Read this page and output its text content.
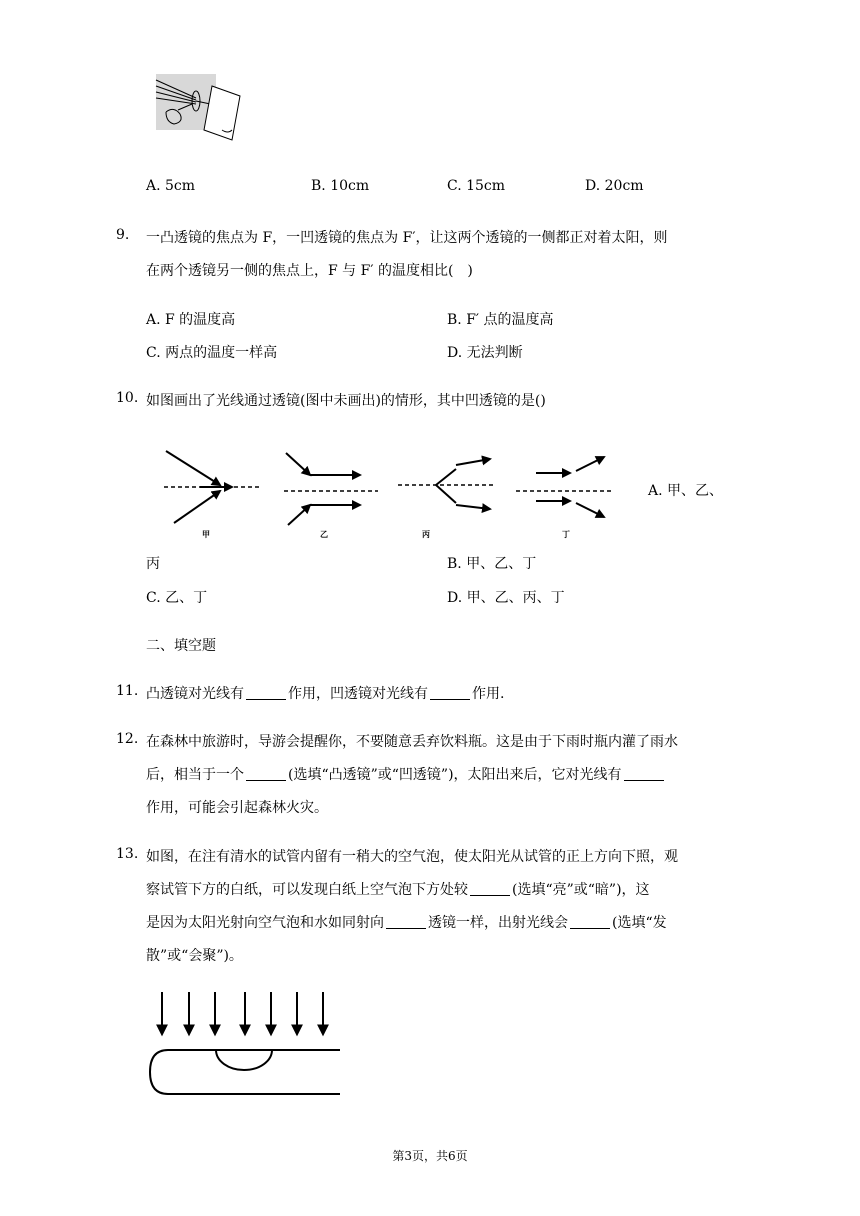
A. 5cm	B. 10cm	C. 15cm	D. 20cm
9. 一凸透镜的焦点为 F，一凹透镜的焦点为 F′，让这两个透镜的一侧都正对着太阳，则
在两个透镜另一侧的焦点上，F 与 F′ 的温度相比(　)
A. F 的温度高	B. F′ 点的温度高
C. 两点的温度一样高	D. 无法判断
10. 如图画出了光线通过透镜(图中未画出)的情形，其中凹透镜的是()
甲	乙	丙	丁
A. 甲、乙、
丙	B. 甲、乙、丁
C. 乙、丁	D. 甲、乙、丙、丁
二、填空题
11. 凸透镜对光线有	作用，凹透镜对光线有	作用.
12. 在森林中旅游时，导游会提醒你，不要随意丢弃饮料瓶。这是由于下雨时瓶内灌了雨水
后，相当于一个	(选填“凸透镜”或“凹透镜”)，太阳出来后，它对光线有
作用，可能会引起森林火灾。
13. 如图，在注有清水的试管内留有一稍大的空气泡，使太阳光从试管的正上方向下照，观
察试管下方的白纸，可以发现白纸上空气泡下方处较	(选填“亮”或“暗”)，这
是因为太阳光射向空气泡和水如同射向	透镜一样，出射光线会	(选填“发
散”或“会聚”)。
第3页，共6页
